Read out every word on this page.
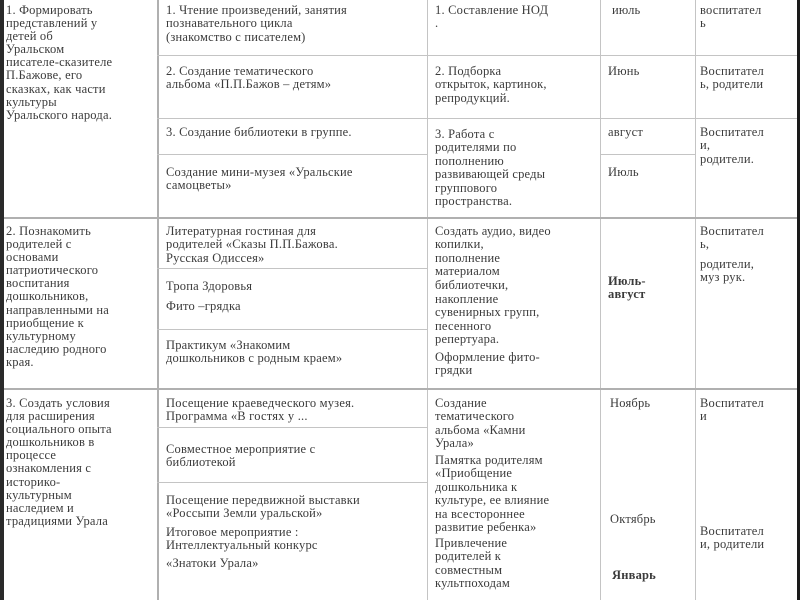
1. Формировать
представлений у
детей об
Уральском
писателе-сказителе
П.Бажове, его
сказках, как части
культуры
Уральского народа.
1. Чтение произведений, занятия
познавательного цикла
(знакомство с писателем)
2. Создание тематического
альбома «П.П.Бажов – детям»
3. Создание библиотеки в группе.
Создание мини-музея «Уральские
самоцветы»
1. Составление НОД
.
2. Подборка
открыток, картинок,
репродукций.
3. Работа с
родителями по
пополнению
развивающей среды
группового
пространства.
июль
Июнь
август
Июль
воспитател
ь
Воспитател
ь, родители
Воспитател
и,
родители.
2. Познакомить
родителей с
основами
патриотического
воспитания
дошкольников,
направленными на
приобщение к
культурному
наследию родного
края.
Литературная гостиная для
родителей «Сказы П.П.Бажова.
Русская Одиссея»
Тропа Здоровья
Фито –грядка
Практикум «Знакомим
дошкольников с родным краем»
Создать аудио, видео
копилки,
пополнение
материалом
библиотечки,
накопление
сувенирных групп,
песенного
репертуара.
Оформление фито-
грядки
Июль-
август
Воспитател
ь,
родители,
муз рук.
3. Создать условия
для расширения
социального опыта
дошкольников в
процессе
ознакомления с
историко-
культурным
наследием и
традициями Урала
Посещение краеведческого музея.
Программа «В гостях у ...
Совместное мероприятие с
библиотекой
Посещение передвижной выставки
«Россыпи Земли уральской»
Итоговое мероприятие :
Интеллектуальный конкурс
«Знатоки Урала»
Создание
тематического
альбома «Камни
Урала»
Памятка родителям
«Приобщение
дошкольника к
культуре, ее влияние
на всестороннее
развитие ребенка»
Привлечение
родителей к
совместным
культпоходам
Ноябрь
Октябрь
Январь
Воспитател
и
Воспитател
и, родители
